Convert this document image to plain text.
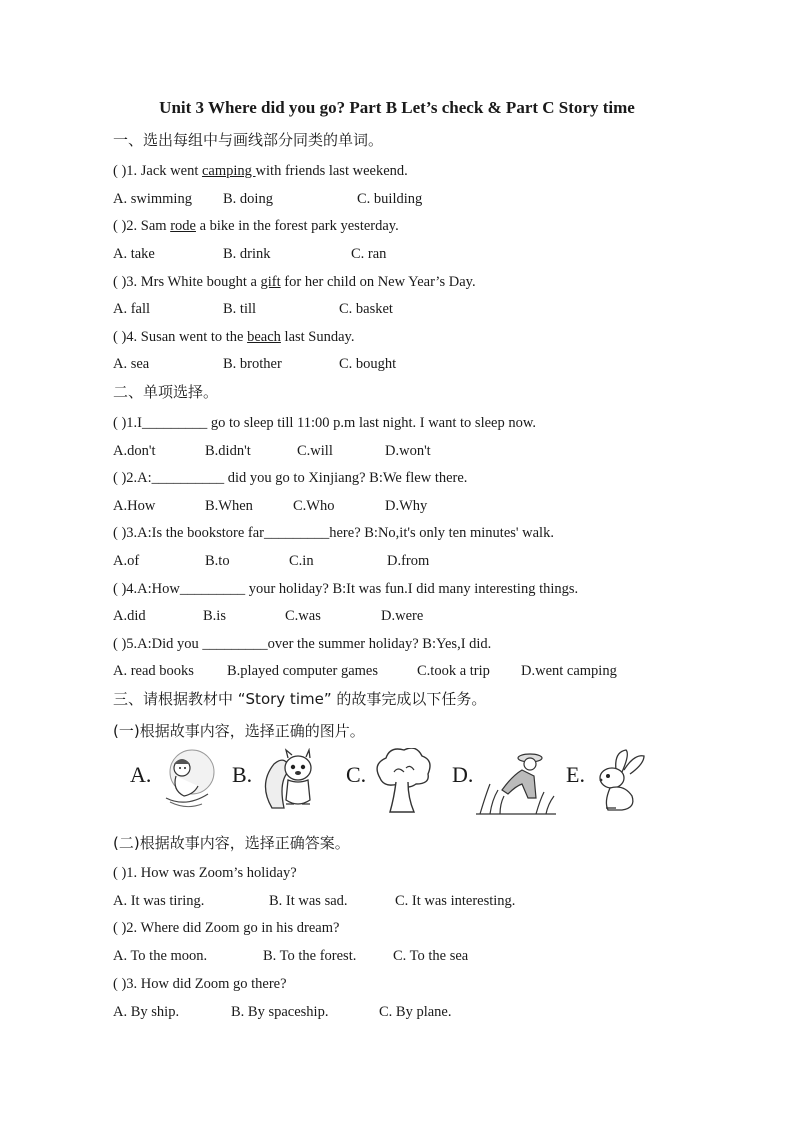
Unit 3 Where did you go? Part B Let’s check & Part C Story time
一、选出每组中与画线部分同类的单词。
( )1. Jack went camping with friends last weekend.
A. swimming B. doing	C. building
( )2. Sam rode a bike in the forest park yesterday.
A. take	B. drink	C. ran
( )3. Mrs White bought a gift for her child on New Year’s Day.
A. fall	B. till	C. basket
( )4. Susan went to the beach last Sunday.
A. sea	B. brother	C. bought
二、单项选择。
( )1.I_________ go to sleep till 11:00 p.m last night. I want to sleep now.
A.don't	B.didn't	C.will	D.won't
( )2.A:__________ did you go to Xinjiang? B:We flew there.
A.How	B.When	C.Who	D.Why
( )3.A:Is the bookstore far_________here? B:No,it's only ten minutes' walk.
A.of	B.to	C.in	D.from
( )4.A:How_________ your holiday? B:It was fun.I did many interesting things.
A.did	B.is	C.was	D.were
( )5.A:Did you _________over the summer holiday? B:Yes,I did.
A. read books B.played computer games	C.took a trip D.went camping
三、请根据教材中 “Story time” 的故事完成以下任务。
(一)根据故事内容，选择正确的图片。
A.	B.	C.	D.	E.
(二)根据故事内容，选择正确答案。
( )1. How was Zoom’s holiday?
A. It was tiring.	B. It was sad.	C. It was interesting.
( )2. Where did Zoom go in his dream?
A. To the moon.	B. To the forest.	C. To the sea
( )3. How did Zoom go there?
A. By ship.	B. By spaceship.	C. By plane.
